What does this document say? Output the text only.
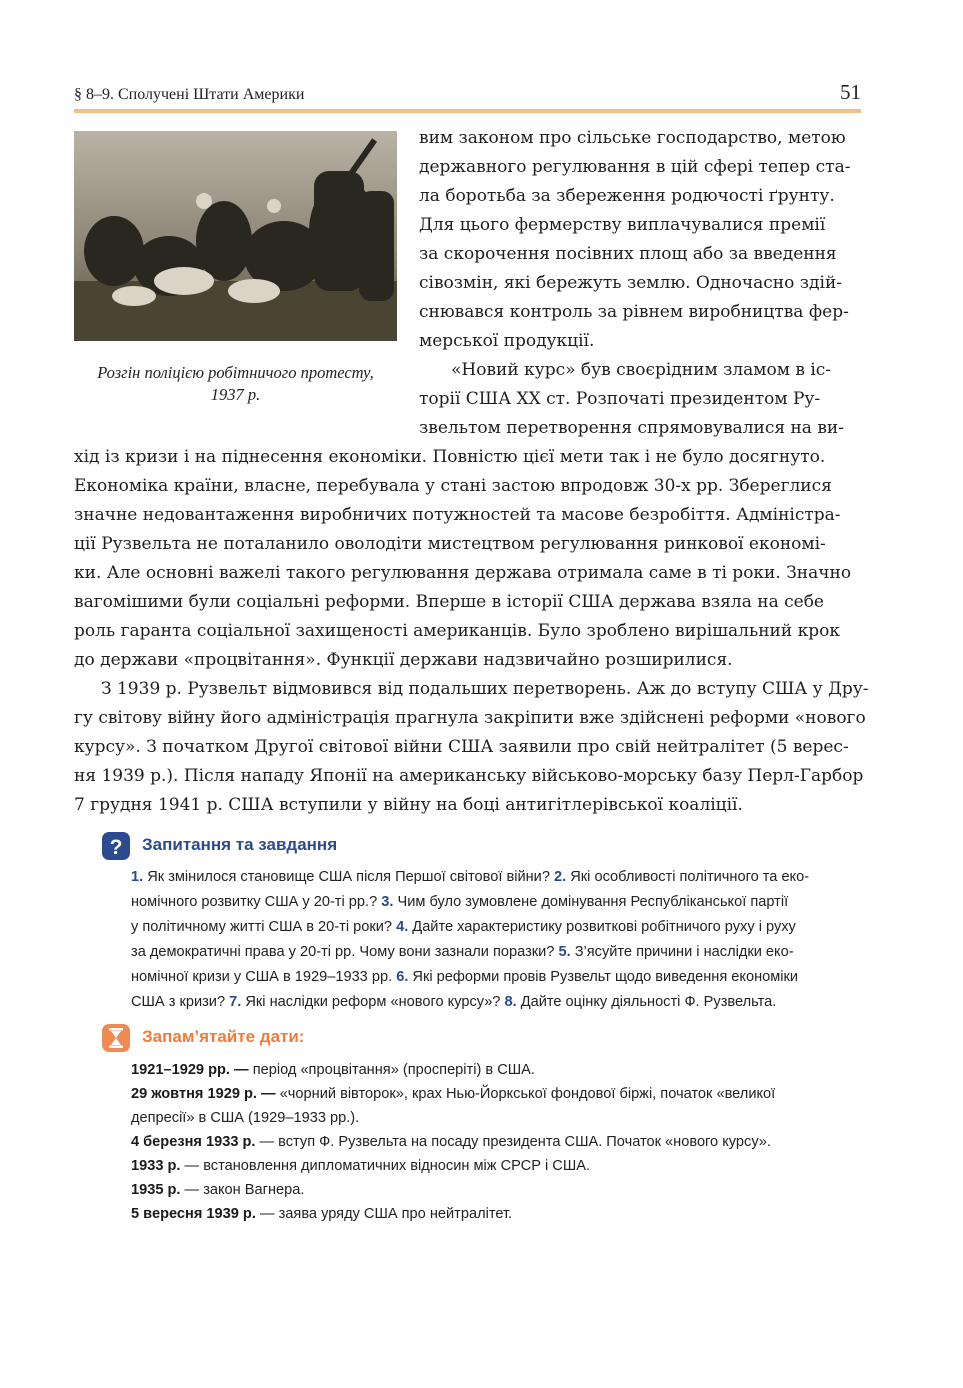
§ 8–9. Сполучені Штати Америки	51
Розгін поліцією робітничого протесту,
1937 р.
вим законом про сільське господарство, метою
державного регулювання в цій сфері тепер ста-
ла боротьба за збереження родючості ґрунту.
Для цього фермерству виплачувалися премії
за скорочення посівних площ або за введення
сівозмін, які бережуть землю. Одночасно здій-
снювався контроль за рівнем виробництва фер-
мерської продукції.
«Новий курс» був своєрідним зламом в іс-
торії США XX ст. Розпочаті президентом Ру-
звельтом перетворення спрямовувалися на ви-
хід із кризи і на піднесення економіки. Повністю цієї мети так і не було досягнуто.
Економіка країни, власне, перебувала у стані застою впродовж 30-х рр. Збереглися
значне недовантаження виробничих потужностей та масове безробіття. Адміністра-
ції Рузвельта не поталанило оволодіти мистецтвом регулювання ринкової економі-
ки. Але основні важелі такого регулювання держава отримала саме в ті роки. Значно
вагомішими були соціальні реформи. Вперше в історії США держава взяла на себе
роль гаранта соціальної захищеності американців. Було зроблено вирішальний крок
до держави «процвітання». Функції держави надзвичайно розширилися.
З 1939 р. Рузвельт відмовився від подальших перетворень. Аж до вступу США у Дру-
гу світову війну його адміністрація прагнула закріпити вже здійснені реформи «нового
курсу». З початком Другої світової війни США заявили про свій нейтралітет (5 верес-
ня 1939 р.). Після нападу Японії на американську військово-морську базу Перл-Гарбор
7 грудня 1941 р. США вступили у війну на боці антигітлерівської коаліції.
? Запитання та завдання
1. Як змінилося становище США після Першої світової війни? 2. Які особливості політичного та еко-
номічного розвитку США у 20-ті рр.? 3. Чим було зумовлене домінування Республіканської партії
у політичному житті США в 20-ті роки? 4. Дайте характеристику розвиткові робітничого руху і руху
за демократичні права у 20-ті рр. Чому вони зазнали поразки? 5. З’ясуйте причини і наслідки еко-
номічної кризи у США в 1929–1933 рр. 6. Які реформи провів Рузвельт щодо виведення економіки
США з кризи? 7. Які наслідки реформ «нового курсу»? 8. Дайте оцінку діяльності Ф. Рузвельта.
Запам’ятайте дати:
1921–1929 рр. — період «процвітання» (просперіті) в США.
29 жовтня 1929 р. — «чорний вівторок», крах Нью-Йоркської фондової біржі, початок «великої
депресії» в США (1929–1933 рр.).
4 березня 1933 р. — вступ Ф. Рузвельта на посаду президента США. Початок «нового курсу».
1933 р. — встановлення дипломатичних відносин між СРСР і США.
1935 р. — закон Вагнера.
5 вересня 1939 р. — заява уряду США про нейтралітет.
